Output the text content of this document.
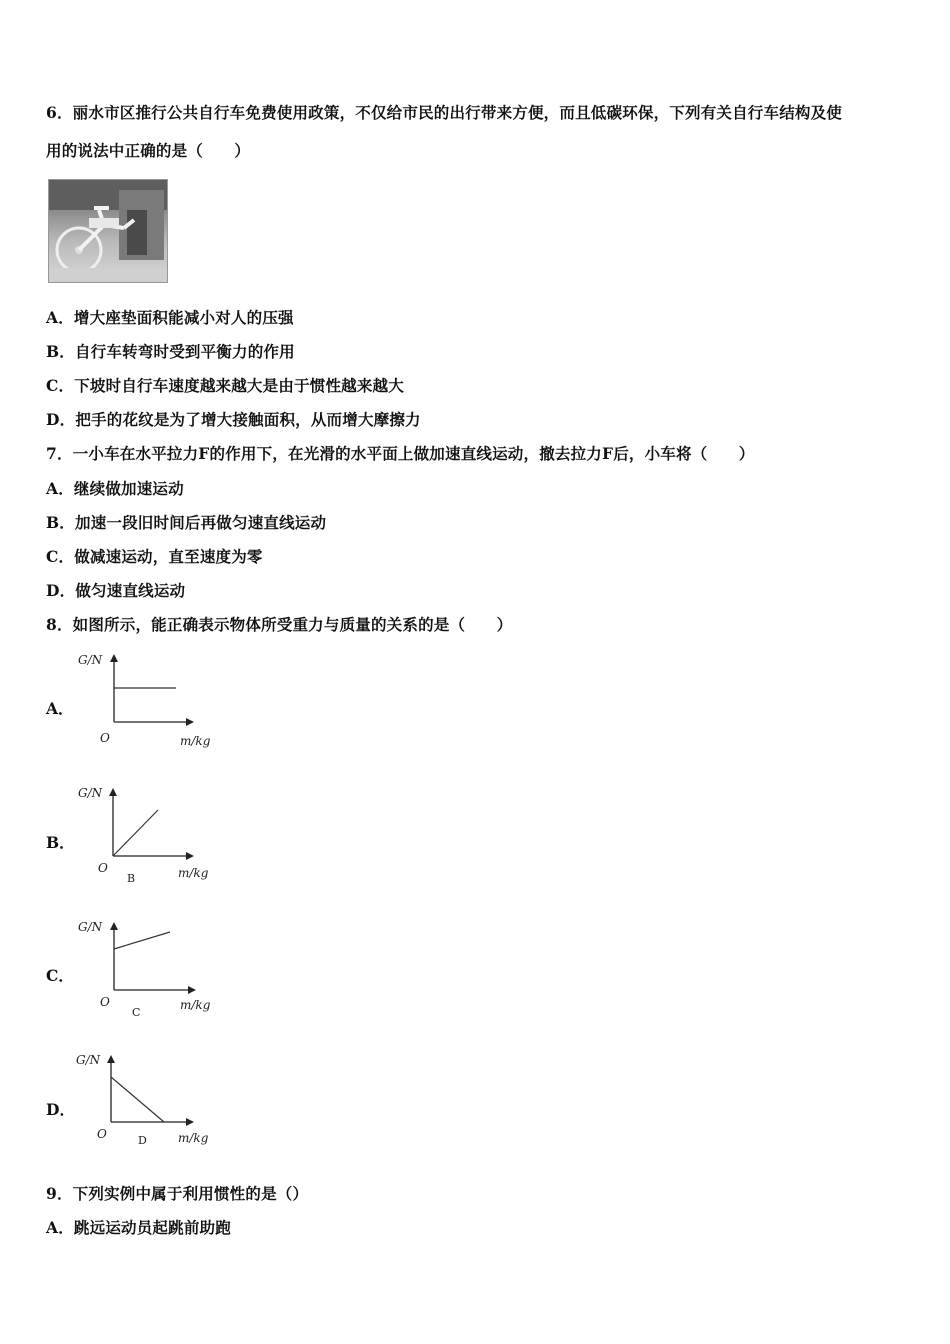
6．丽水市区推行公共自行车免费使用政策，不仅给市民的出行带来方便，而且低碳环保，下列有关自行车结构及使
用的说法中正确的是（　　）
A．增大座垫面积能减小对人的压强
B．自行车转弯时受到平衡力的作用
C．下坡时自行车速度越来越大是由于惯性越来越大
D．把手的花纹是为了增大接触面积，从而增大摩擦力
7．一小车在水平拉力F的作用下，在光滑的水平面上做加速直线运动，撤去拉力F后，小车将（　　）
A．继续做加速运动
B．加速一段旧时间后再做匀速直线运动
C．做减速运动，直至速度为零
D．做匀速直线运动
8．如图所示，能正确表示物体所受重力与质量的关系的是（　　）
A．
G/N
O	m/kg
B．
G/N
O
B	m/kg
C．
G/N
O
C
m/kg
D．
G/N
O	D	m/kg
9．下列实例中属于利用惯性的是（）
A．跳远运动员起跳前助跑
